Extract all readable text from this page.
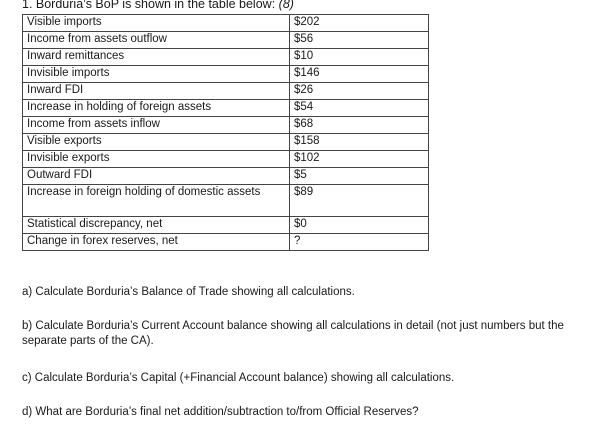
1. Borduria’s BoP is shown in the table below: (8)
Visible imports	$202
Income from assets outflow	$56
Inward remittances	$10
Invisible imports	$146
Inward FDI	$26
Increase in holding of foreign assets	$54
Income from assets inflow	$68
Visible exports	$158
Invisible exports	$102
Outward FDI	$5
Increase in foreign holding of domestic assets	$89
Statistical discrepancy, net	$0
Change in forex reserves, net	?
a) Calculate Borduria’s Balance of Trade showing all calculations.
b) Calculate Borduria’s Current Account balance showing all calculations in detail (not just numbers but the separate parts of the CA).
c) Calculate Borduria’s Capital (+Financial Account balance) showing all calculations.
d) What are Borduria’s final net addition/subtraction to/from Official Reserves?
